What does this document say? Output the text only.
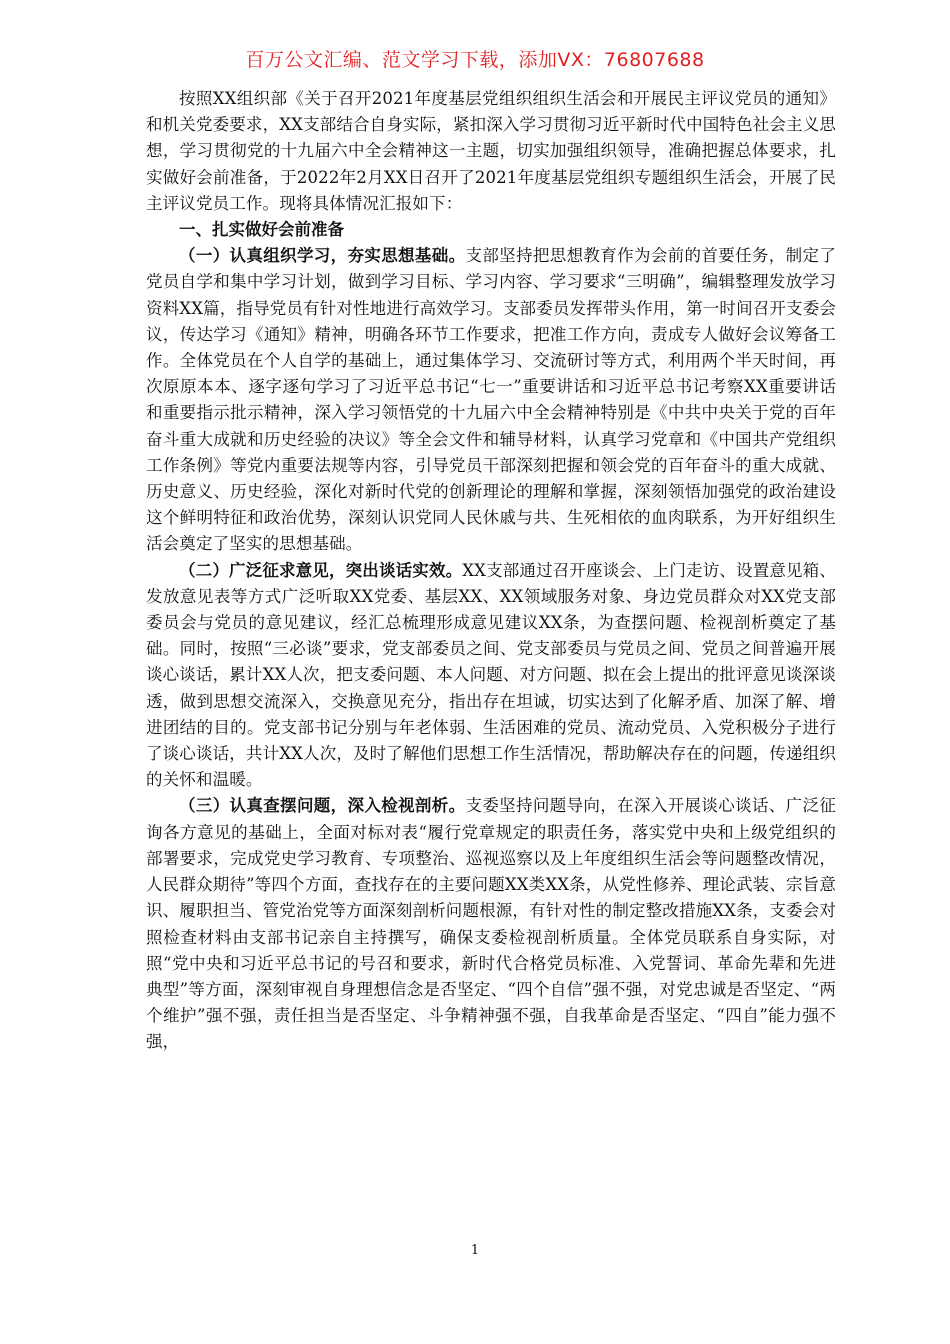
百万公文汇编、范文学习下载，添加VX：76807688

按照XX组织部《关于召开2021年度基层党组织组织生活会和开展民主评议党员的通知》和机关党委要求，XX支部结合自身实际，紧扣深入学习贯彻习近平新时代中国特色社会主义思想，学习贯彻党的十九届六中全会精神这一主题，切实加强组织领导，准确把握总体要求，扎实做好会前准备，于2022年2月XX日召开了2021年度基层党组织专题组织生活会，开展了民主评议党员工作。现将具体情况汇报如下：

一、扎实做好会前准备

（一）认真组织学习，夯实思想基础。支部坚持把思想教育作为会前的首要任务，制定了党员自学和集中学习计划，做到学习目标、学习内容、学习要求“三明确”，编辑整理发放学习资料XX篇，指导党员有针对性地进行高效学习。支部委员发挥带头作用，第一时间召开支委会议，传达学习《通知》精神，明确各环节工作要求，把准工作方向，责成专人做好会议筹备工作。全体党员在个人自学的基础上，通过集体学习、交流研讨等方式，利用两个半天时间，再次原原本本、逐字逐句学习了习近平总书记“七一”重要讲话和习近平总书记考察XX重要讲话和重要指示批示精神，深入学习领悟党的十九届六中全会精神特别是《中共中央关于党的百年奋斗重大成就和历史经验的决议》等全会文件和辅导材料，认真学习党章和《中国共产党组织工作条例》等党内重要法规等内容，引导党员干部深刻把握和领会党的百年奋斗的重大成就、历史意义、历史经验，深化对新时代党的创新理论的理解和掌握，深刻领悟加强党的政治建设这个鲜明特征和政治优势，深刻认识党同人民休戚与共、生死相依的血肉联系，为开好组织生活会奠定了坚实的思想基础。

（二）广泛征求意见，突出谈话实效。XX支部通过召开座谈会、上门走访、设置意见箱、发放意见表等方式广泛听取XX党委、基层XX、XX领域服务对象、身边党员群众对XX党支部委员会与党员的意见建议，经汇总梳理形成意见建议XX条，为查摆问题、检视剖析奠定了基础。同时，按照“三必谈”要求，党支部委员之间、党支部委员与党员之间、党员之间普遍开展谈心谈话，累计XX人次，把支委问题、本人问题、对方问题、拟在会上提出的批评意见谈深谈透，做到思想交流深入，交换意见充分，指出存在坦诚，切实达到了化解矛盾、加深了解、增进团结的目的。党支部书记分别与年老体弱、生活困难的党员、流动党员、入党积极分子进行了谈心谈话，共计XX人次，及时了解他们思想工作生活情况，帮助解决存在的问题，传递组织的关怀和温暖。

（三）认真查摆问题，深入检视剖析。支委坚持问题导向，在深入开展谈心谈话、广泛征询各方意见的基础上，全面对标对表“履行党章规定的职责任务，落实党中央和上级党组织的部署要求，完成党史学习教育、专项整治、巡视巡察以及上年度组织生活会等问题整改情况，人民群众期待”等四个方面，查找存在的主要问题XX类XX条，从党性修养、理论武装、宗旨意识、履职担当、管党治党等方面深刻剖析问题根源，有针对性的制定整改措施XX条，支委会对照检查材料由支部书记亲自主持撰写，确保支委检视剖析质量。全体党员联系自身实际，对照“党中央和习近平总书记的号召和要求，新时代合格党员标准、入党誓词、革命先辈和先进典型”等方面，深刻审视自身理想信念是否坚定、“四个自信”强不强，对党忠诚是否坚定、“两个维护”强不强，责任担当是否坚定、斗争精神强不强，自我革命是否坚定、“四自”能力强不强，

1
